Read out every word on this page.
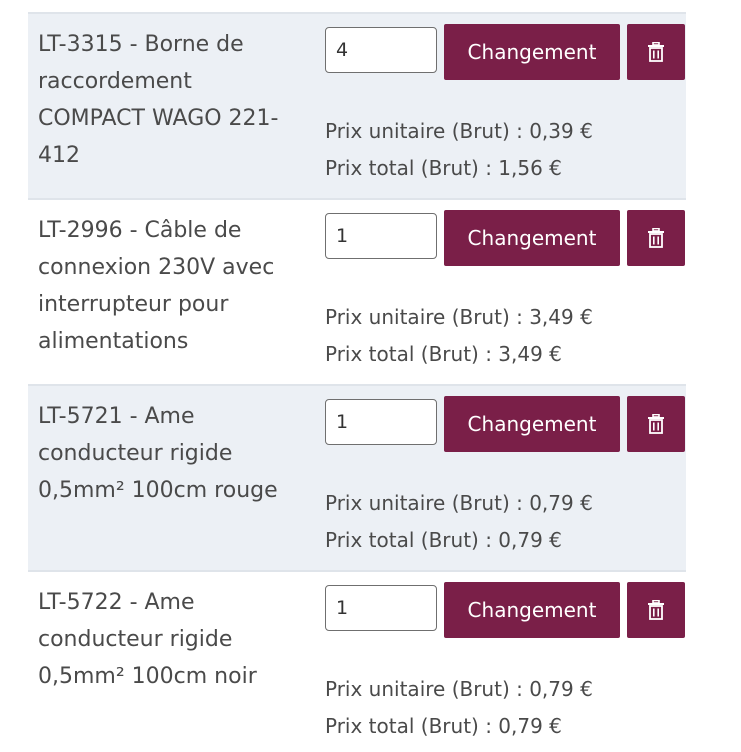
LT-3315 - Borne de raccordement COMPACT WAGO 221-412
4
Changement
Prix unitaire (Brut) : 0,39 €
Prix total (Brut) : 1,56 €
LT-2996 - Câble de connexion 230V avec interrupteur pour alimentations
1
Changement
Prix unitaire (Brut) : 3,49 €
Prix total (Brut) : 3,49 €
LT-5721 - Ame conducteur rigide 0,5mm² 100cm rouge
1
Changement
Prix unitaire (Brut) : 0,79 €
Prix total (Brut) : 0,79 €
LT-5722 - Ame conducteur rigide 0,5mm² 100cm noir
1
Changement
Prix unitaire (Brut) : 0,79 €
Prix total (Brut) : 0,79 €
